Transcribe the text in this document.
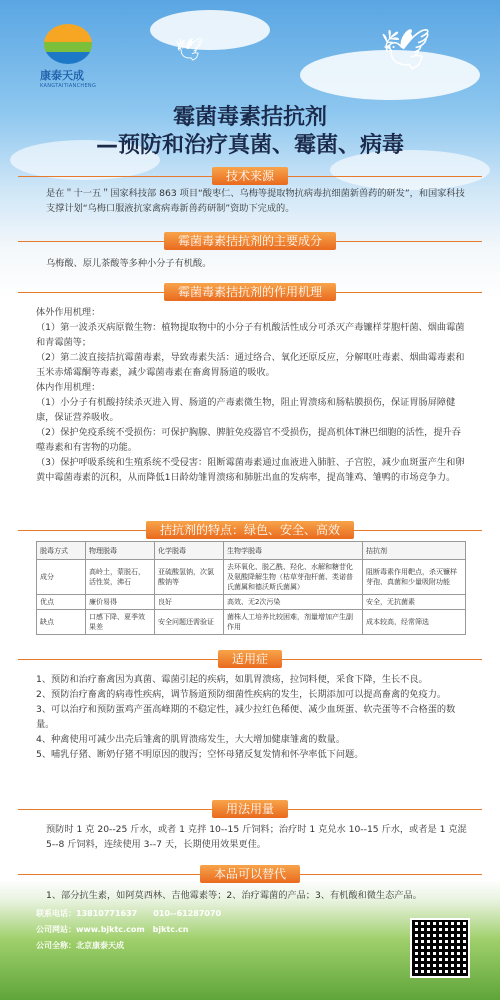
康泰天成
KANGTAITIANCHENG
🕊	🕊
霉菌毒素拮抗剂
—预防和治疗真菌、霉菌、病毒
技术来源

是在＂十一五＂国家科技部 863 项目“酸枣仁、乌梅等提取物抗病毒抗细菌新兽药的研发”，和国家科技支撑计划“乌梅口服液抗家禽病毒新兽药研制”资助下完成的。

霉菌毒素拮抗剂的主要成分

乌梅酸、原儿茶酸等多种小分子有机酸。

霉菌毒素拮抗剂的作用机理

体外作用机理：

（1）第一波杀灭病原微生物：植物提取物中的小分子有机酸活性成分可杀灭产毒镰样芽胞杆菌、烟曲霉菌和青霉菌等；

（2）第二波直接拮抗霉菌毒素，导致毒素失活：通过络合、氧化还原反应，分解呕吐毒素、烟曲霉毒素和玉米赤烯霉酮等毒素，减少霉菌毒素在畜禽胃肠道的吸收。

体内作用机理：

（1）小分子有机酸持续杀灭进入胃、肠道的产毒素微生物，阻止胃溃疡和肠粘膜损伤，保证胃肠屏障健康，保证营养吸收。

（2）保护免疫系统不受损伤：可保护胸腺、脾脏免疫器官不受损伤，提高机体T淋巴细胞的活性，提升吞噬毒素和有害物的功能。

（3）保护呼吸系统和生殖系统不受侵害：阻断霉菌毒素通过血液进入肺脏、子宫腔，减少血斑蛋产生和卵黄中霉菌毒素的沉积，从而降低1日龄幼雏胃溃疡和肺脏出血的发病率，提高雏鸡、雏鸭的市场竞争力。

拮抗剂的特点：绿色、安全、高效
脱毒方式	物理脱毒	化学脱毒	生物学脱毒	拮抗剂
成分	高岭土，蒙脱石，活性炭，沸石	亚硫酸氢钠，次氯酸钠等	去环氧化、脱乙酰、羟化、水解和糖苷化及氨酸降解生物（枯草芽孢杆菌、类诺普氏菌属和德沃斯氏菌属）	阻断毒素作用靶点，杀灭镰样芽孢、真菌和少量吸附功能
优点	廉价易得	良好	高效、无2次污染	安全，无抗菌素
缺点	口感下降、夏季效果差	安全问题还需验证	菌株人工培养比较困难，剂量增加产生副作用	成本较高，经常筛选
适用症

1、预防和治疗畜禽因为真菌、霉菌引起的疾病，如肌胃溃疡，拉饲料便，采食下降，生长不良。

2、预防治疗畜禽的病毒性疾病，调节肠道预防细菌性疾病的发生，长期添加可以提高畜禽的免疫力。

3、可以治疗和预防蛋鸡产蛋高峰期的不稳定性，减少拉红色稀便、减少血斑蛋、软壳蛋等不合格蛋的数量。

4、种禽使用可减少出壳后雏禽的肌胃溃疡发生，大大增加健康雏禽的数量。

5、哺乳仔猪、断奶仔猪不明原因的腹泻；空怀母猪反复发情和怀孕率低下问题。

用法用量

预防时 1 克 20--25 斤水，或者 1 克拌 10--15 斤饲料；治疗时 1 克兑水 10--15 斤水，或者是 1 克混 5--8 斤饲料，连续使用 3--7 天，长期使用效果更佳。

本品可以替代

1、部分抗生素，如阿莫西林、吉他霉素等；2、治疗霉菌的产品；3、有机酸和微生态产品。

联系电话：13810771637　　010--61287070
公司网站：www.bjktc.com　bjktc.cn
公司全称：北京康泰天成
